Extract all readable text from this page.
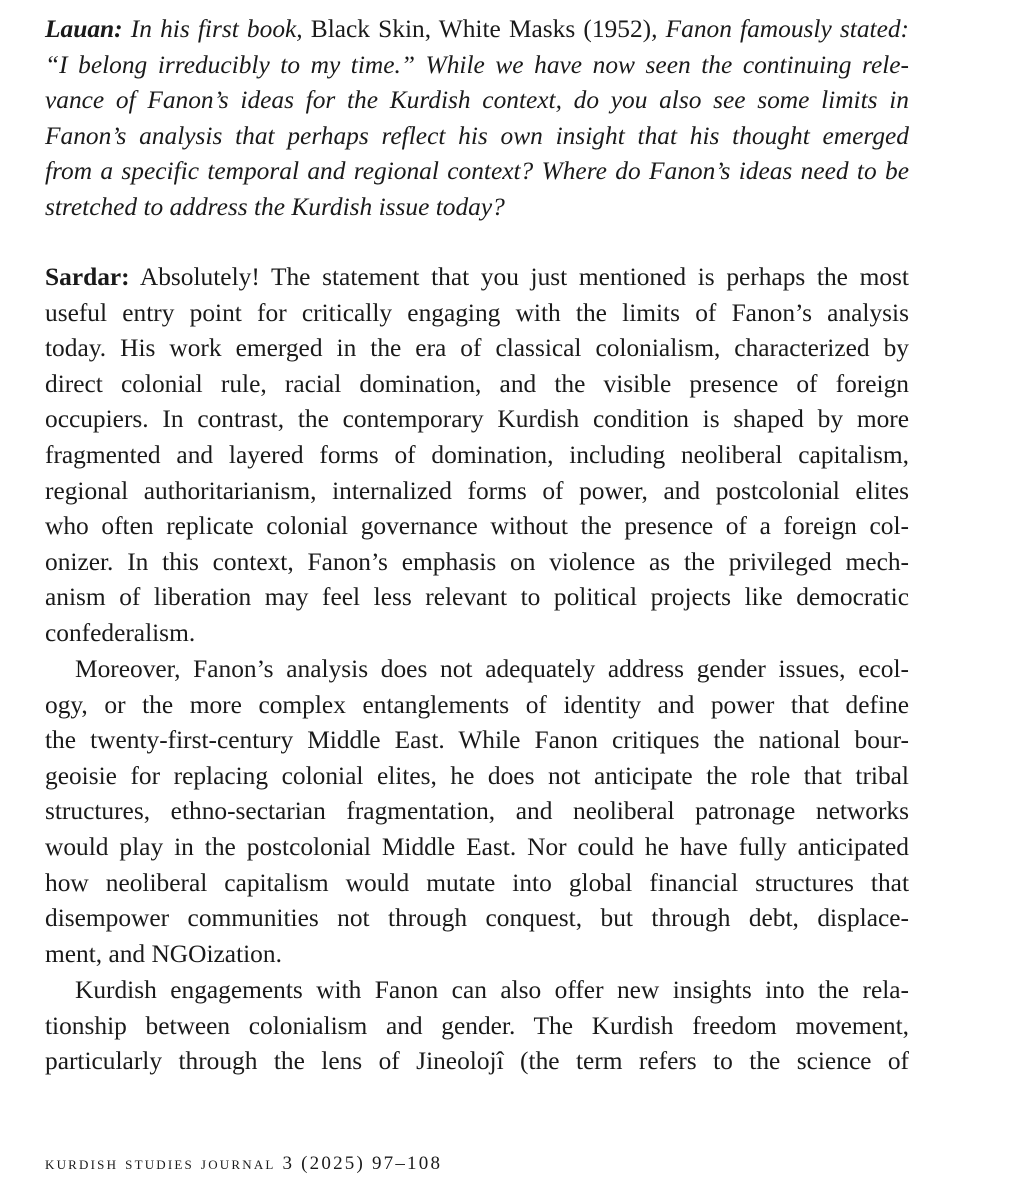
Lauan: In his first book, Black Skin, White Masks (1952), Fanon famously stated:
“I belong irreducibly to my time.” While we have now seen the continuing rele-
vance of Fanon’s ideas for the Kurdish context, do you also see some limits in
Fanon’s analysis that perhaps reflect his own insight that his thought emerged
from a specific temporal and regional context? Where do Fanon’s ideas need to be
stretched to address the Kurdish issue today?
Sardar: Absolutely! The statement that you just mentioned is perhaps the most
useful entry point for critically engaging with the limits of Fanon’s analysis
today. His work emerged in the era of classical colonialism, characterized by
direct colonial rule, racial domination, and the visible presence of foreign
occupiers. In contrast, the contemporary Kurdish condition is shaped by more
fragmented and layered forms of domination, including neoliberal capitalism,
regional authoritarianism, internalized forms of power, and postcolonial elites
who often replicate colonial governance without the presence of a foreign col-
onizer. In this context, Fanon’s emphasis on violence as the privileged mech-
anism of liberation may feel less relevant to political projects like democratic
confederalism.
Moreover, Fanon’s analysis does not adequately address gender issues, ecol-
ogy, or the more complex entanglements of identity and power that define
the twenty-first-century Middle East. While Fanon critiques the national bour-
geoisie for replacing colonial elites, he does not anticipate the role that tribal
structures, ethno-sectarian fragmentation, and neoliberal patronage networks
would play in the postcolonial Middle East. Nor could he have fully anticipated
how neoliberal capitalism would mutate into global financial structures that
disempower communities not through conquest, but through debt, displace-
ment, and NGOization.
Kurdish engagements with Fanon can also offer new insights into the rela-
tionship between colonialism and gender. The Kurdish freedom movement,
particularly through the lens of Jineolojî (the term refers to the science of
kurdish studies journal 3 (2025) 97–108
